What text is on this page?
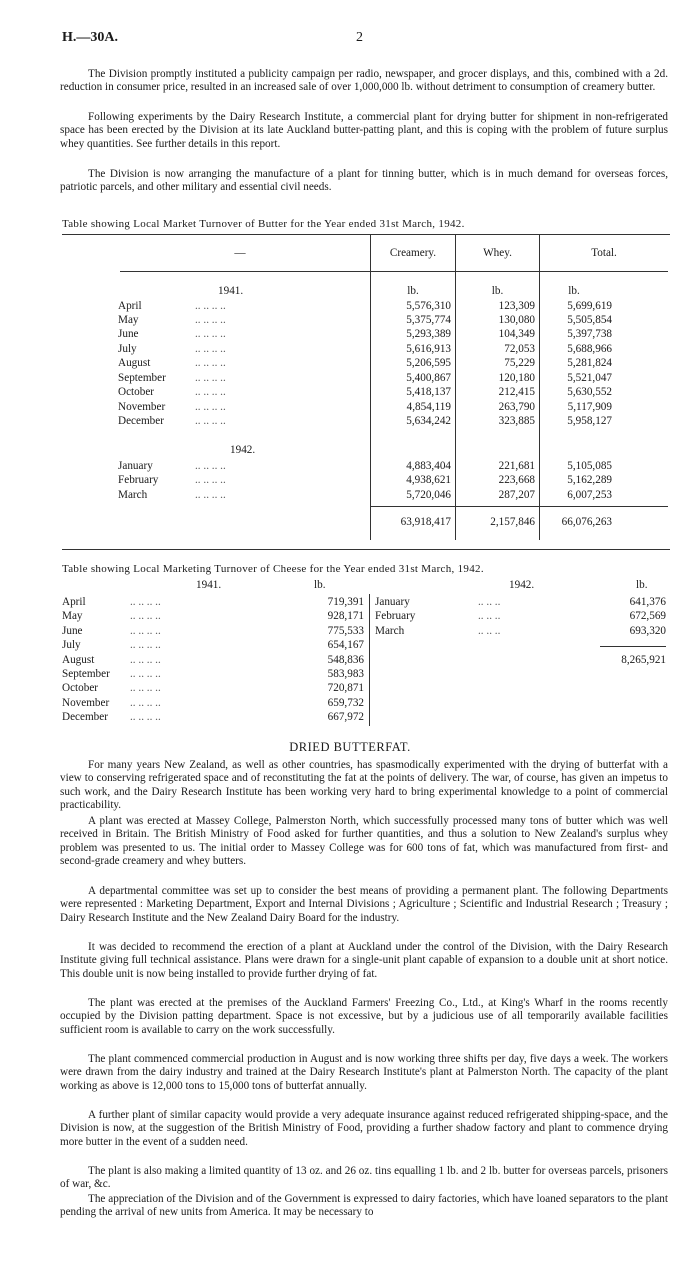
H.—30A.	2
The Division promptly instituted a publicity campaign per radio, newspaper, and grocer displays, and this, combined with a 2d. reduction in consumer price, resulted in an increased sale of over 1,000,000 lb. without detriment to consumption of creamery butter.
Following experiments by the Dairy Research Institute, a commercial plant for drying butter for shipment in non-refrigerated space has been erected by the Division at its late Auckland butter-patting plant, and this is coping with the problem of future surplus whey quantities. See further details in this report.
The Division is now arranging the manufacture of a plant for tinning butter, which is in much demand for overseas forces, patriotic parcels, and other military and essential civil needs.
Table showing Local Market Turnover of Butter for the Year ended 31st March, 1942.
—	Creamery.	Whey.	Total.
lb.	lb.	lb.
1941.
1942.
April	.. .. .. ..	5,576,310	123,309	5,699,619
May	.. .. .. ..	5,375,774	130,080	5,505,854
June	.. .. .. ..	5,293,389	104,349	5,397,738
July	.. .. .. ..	5,616,913	72,053	5,688,966
August	.. .. .. ..	5,206,595	75,229	5,281,824
September	.. .. .. ..	5,400,867	120,180	5,521,047
October	.. .. .. ..	5,418,137	212,415	5,630,552
November	.. .. .. ..	4,854,119	263,790	5,117,909
December	.. .. .. ..	5,634,242	323,885	5,958,127
January	.. .. .. ..	4,883,404	221,681	5,105,085
February	.. .. .. ..	4,938,621	223,668	5,162,289
March	.. .. .. ..	5,720,046	287,207	6,007,253
63,918,417	2,157,846	66,076,263
Table showing Local Marketing Turnover of Cheese for the Year ended 31st March, 1942.
1941.	lb.	1942.	lb.
April	.. .. .. ..	719,391
May	.. .. .. ..	928,171
June	.. .. .. ..	775,533
July	.. .. .. ..	654,167
August	.. .. .. ..	548,836
September .. .. .. ..	583,983
October	.. .. .. ..	720,871
November .. .. .. ..	659,732
December .. .. .. ..	667,972
January	.. .. ..	641,376
February	.. .. ..	672,569
March	.. .. ..	693,320
8,265,921
DRIED BUTTERFAT.
For many years New Zealand, as well as other countries, has spasmodically experimented with the drying of butterfat with a view to conserving refrigerated space and of reconstituting the fat at the points of delivery. The war, of course, has given an impetus to such work, and the Dairy Research Institute has been working very hard to bring experimental knowledge to a point of commercial practicability.
A plant was erected at Massey College, Palmerston North, which successfully processed many tons of butter which was well received in Britain. The British Ministry of Food asked for further quantities, and thus a solution to New Zealand's surplus whey problem was presented to us. The initial order to Massey College was for 600 tons of fat, which was manufactured from first- and second-grade creamery and whey butters.
A departmental committee was set up to consider the best means of providing a permanent plant. The following Departments were represented : Marketing Department, Export and Internal Divisions ; Agriculture ; Scientific and Industrial Research ; Treasury ; Dairy Research Institute and the New Zealand Dairy Board for the industry.
It was decided to recommend the erection of a plant at Auckland under the control of the Division, with the Dairy Research Institute giving full technical assistance. Plans were drawn for a single-unit plant capable of expansion to a double unit at short notice. This double unit is now being installed to provide further drying of fat.
The plant was erected at the premises of the Auckland Farmers' Freezing Co., Ltd., at King's Wharf in the rooms recently occupied by the Division patting department. Space is not excessive, but by a judicious use of all temporarily available facilities sufficient room is available to carry on the work successfully.
The plant commenced commercial production in August and is now working three shifts per day, five days a week. The workers were drawn from the dairy industry and trained at the Dairy Research Institute's plant at Palmerston North. The capacity of the plant working as above is 12,000 tons to 15,000 tons of butterfat annually.
A further plant of similar capacity would provide a very adequate insurance against reduced refrigerated shipping-space, and the Division is now, at the suggestion of the British Ministry of Food, providing a further shadow factory and plant to commence drying more butter in the event of a sudden need.
The plant is also making a limited quantity of 13 oz. and 26 oz. tins equalling 1 lb. and 2 lb. butter for overseas parcels, prisoners of war, &c.
The appreciation of the Division and of the Government is expressed to dairy factories, which have loaned separators to the plant pending the arrival of new units from America. It may be necessary to
